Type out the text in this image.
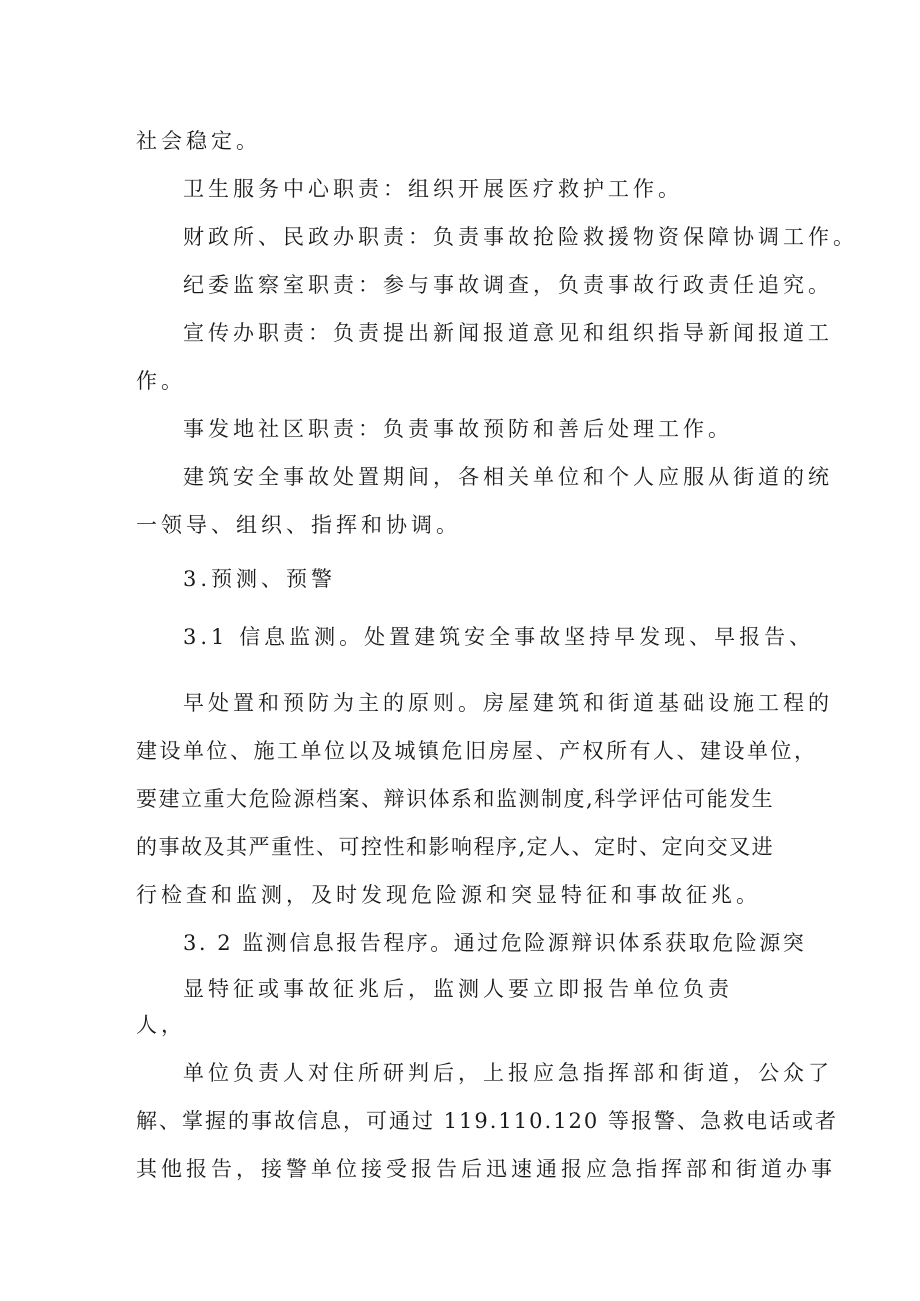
社会稳定。

卫生服务中心职责：组织开展医疗救护工作。

财政所、民政办职责：负责事故抢险救援物资保障协调工作。

纪委监察室职责：参与事故调查，负责事故行政责任追究。

宣传办职责：负责提出新闻报道意见和组织指导新闻报道工

作。

事发地社区职责：负责事故预防和善后处理工作。

建筑安全事故处置期间，各相关单位和个人应服从街道的统

一领导、组织、指挥和协调。

3.预测、预警

3.1 信息监测。处置建筑安全事故坚持早发现、早报告、

早处置和预防为主的原则。房屋建筑和街道基础设施工程的

建设单位、施工单位以及城镇危旧房屋、产权所有人、建设单位，

要建立重大危险源档案、辩识体系和监测制度,科学评估可能发生

的事故及其严重性、可控性和影响程序,定人、定时、定向交叉进

行检查和监测，及时发现危险源和突显特征和事故征兆。

3. 2 监测信息报告程序。通过危险源辩识体系获取危险源突

显特征或事故征兆后，监测人要立即报告单位负责

人，

单位负责人对住所研判后，上报应急指挥部和街道，公众了

解、掌握的事故信息，可通过 119.110.120 等报警、急救电话或者

其他报告，接警单位接受报告后迅速通报应急指挥部和街道办事
